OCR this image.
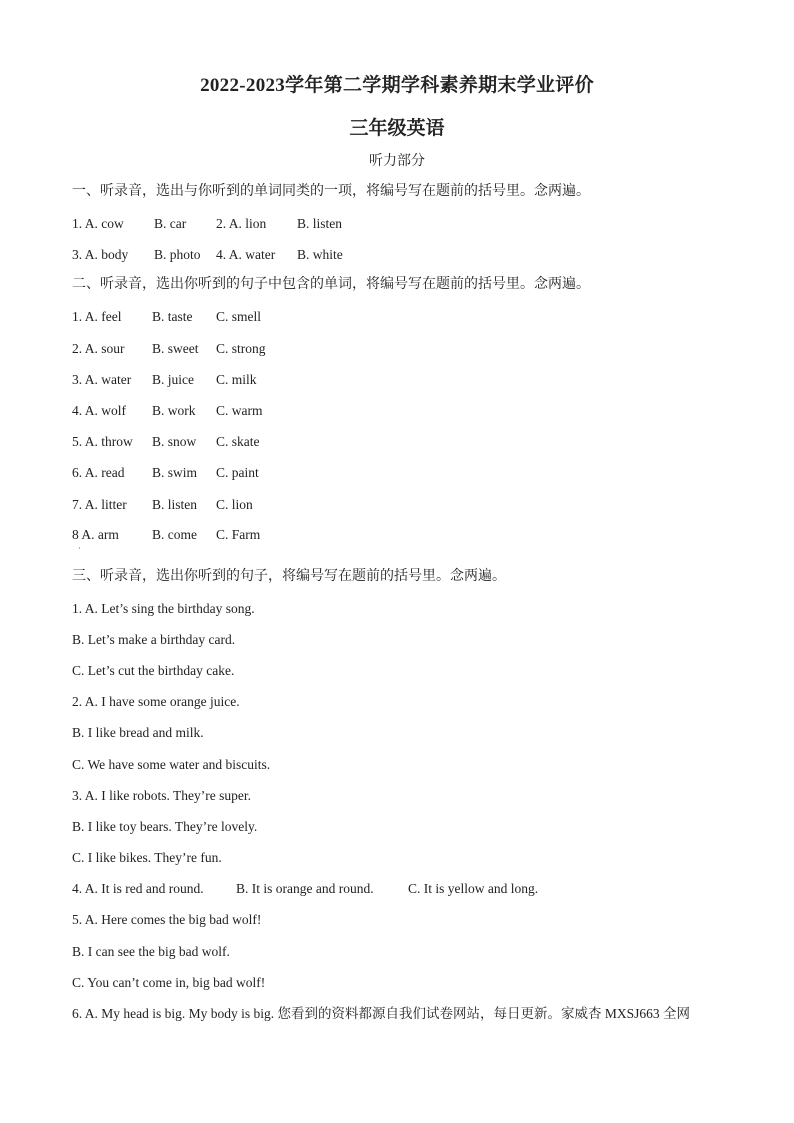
2022-2023学年第二学期学科素养期末学业评价
三年级英语
听力部分
一、听录音，选出与你听到的单词同类的一项，将编号写在题前的括号里。念两遍。
1. A. cow B. car 2. A. lion B. listen
3. A. body B. photo 4. A. water B. white
二、听录音，选出你听到的句子中包含的单词，将编号写在题前的括号里。念两遍。
1. A. feel B. taste C. smell
2. A. sour B. sweet C. strong
3. A. water B. juice C. milk
4. A. wolf B. work C. warm
5. A. throw B. snow C. skate
6. A. read B. swim C. paint
7. A. litter B. listen C. lion
8 A. arm B. come C. Farm
三、听录音，选出你听到的句子，将编号写在题前的括号里。念两遍。
1. A. Let’s sing the birthday song.
B. Let’s make a birthday card.
C. Let’s cut the birthday cake.
2. A. I have some orange juice.
B. I like bread and milk.
C. We have some water and biscuits.
3. A. I like robots. They’re super.
B. I like toy bears. They’re lovely.
C. I like bikes. They’re fun.
4. A. It is red and round. B. It is orange and round.	C. It is yellow and long.
5. A. Here comes the big bad wolf!
B. I can see the big bad wolf.
C. You can’t come in, big bad wolf!
6. A. My head is big. My body is big. 您看到的资料都源自我们试卷网站，每日更新。家威杏 MXSJ663 全网
·
